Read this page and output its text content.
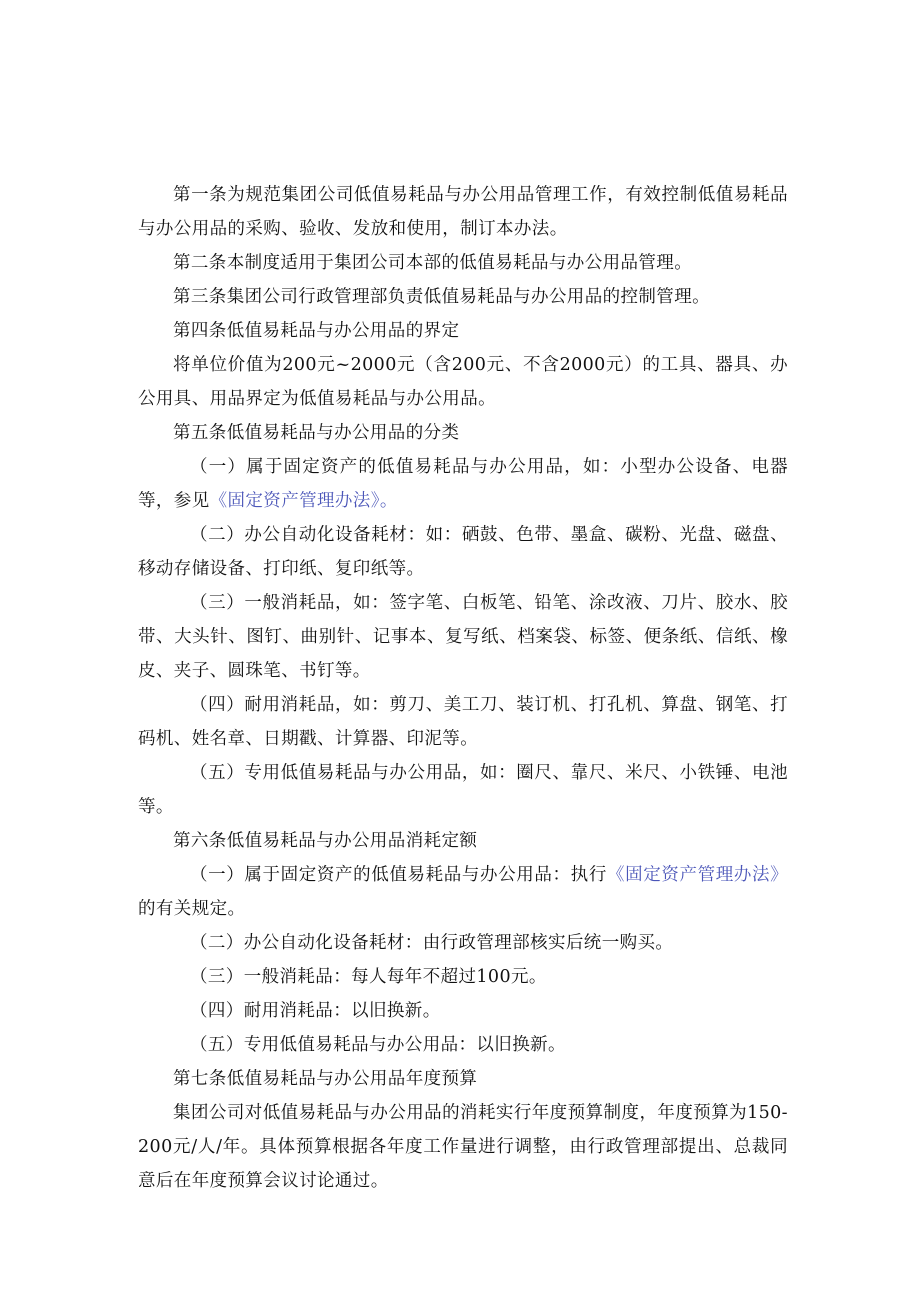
第一条为规范集团公司低值易耗品与办公用品管理工作，有效控制低值易耗品与办公用品的采购、验收、发放和使用，制订本办法。

第二条本制度适用于集团公司本部的低值易耗品与办公用品管理。

第三条集团公司行政管理部负责低值易耗品与办公用品的控制管理。

第四条低值易耗品与办公用品的界定

将单位价值为200元~2000元（含200元、不含2000元）的工具、器具、办公用具、用品界定为低值易耗品与办公用品。

第五条低值易耗品与办公用品的分类

（一）属于固定资产的低值易耗品与办公用品，如：小型办公设备、电器等，参见《固定资产管理办法》。

（二）办公自动化设备耗材：如：硒鼓、色带、墨盒、碳粉、光盘、磁盘、移动存储设备、打印纸、复印纸等。

（三）一般消耗品，如：签字笔、白板笔、铅笔、涂改液、刀片、胶水、胶带、大头针、图钉、曲别针、记事本、复写纸、档案袋、标签、便条纸、信纸、橡皮、夹子、圆珠笔、书钉等。

（四）耐用消耗品，如：剪刀、美工刀、装订机、打孔机、算盘、钢笔、打码机、姓名章、日期戳、计算器、印泥等。

（五）专用低值易耗品与办公用品，如：圈尺、靠尺、米尺、小铁锤、电池等。

第六条低值易耗品与办公用品消耗定额

（一）属于固定资产的低值易耗品与办公用品：执行《固定资产管理办法》的有关规定。

（二）办公自动化设备耗材：由行政管理部核实后统一购买。

（三）一般消耗品：每人每年不超过100元。

（四）耐用消耗品：以旧换新。

（五）专用低值易耗品与办公用品：以旧换新。

第七条低值易耗品与办公用品年度预算

集团公司对低值易耗品与办公用品的消耗实行年度预算制度，年度预算为150-200元/人/年。具体预算根据各年度工作量进行调整，由行政管理部提出、总裁同意后在年度预算会议讨论通过。
